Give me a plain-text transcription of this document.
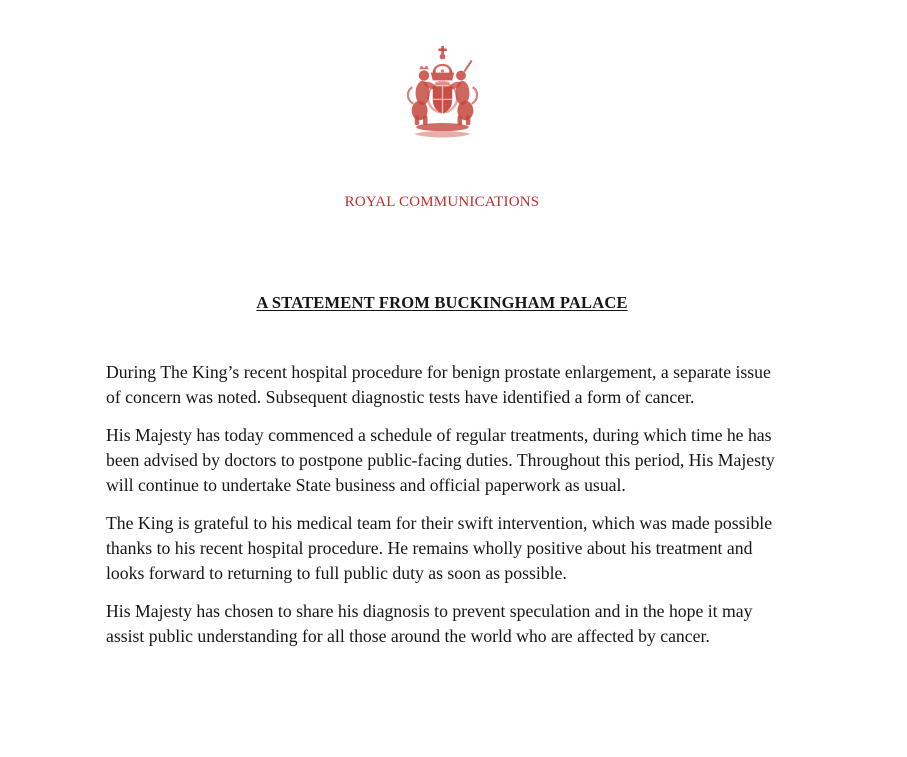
ROYAL COMMUNICATIONS
A STATEMENT FROM BUCKINGHAM PALACE

During The King’s recent hospital procedure for benign prostate enlargement, a separate issue of concern was noted. Subsequent diagnostic tests have identified a form of cancer.

His Majesty has today commenced a schedule of regular treatments, during which time he has been advised by doctors to postpone public-facing duties. Throughout this period, His Majesty will continue to undertake State business and official paperwork as usual.

The King is grateful to his medical team for their swift intervention, which was made possible thanks to his recent hospital procedure. He remains wholly positive about his treatment and looks forward to returning to full public duty as soon as possible.

His Majesty has chosen to share his diagnosis to prevent speculation and in the hope it may assist public understanding for all those around the world who are affected by cancer.
